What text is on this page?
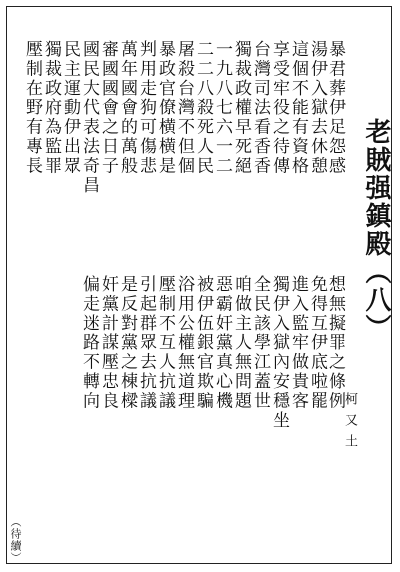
老賊强鎮殿（八）
柯 又 土
暴君葬伊足怨感
湯伊入獄去休憩
這個不能有資格
享受牢役之待傳
台灣司法看香香
獨裁政權早死絕
一九八七六一二
二二八殺死人民
屠殺台灣不但個
暴政官僚横横是
判用走狗可傷悲
萬年國會的萬般
審國國會之日子
國民大代表法奇昌
民主運動伊出眾
獨裁政府為監罪
壓制在野有專長
想無擬罪之條例
免得互伊底啦罷
進入監牢做貴客
獨伊入獄內安穩坐
全民該學江蓋世
咱做主人無問題
惡霸奸黨真心機
被伊伍銀官欺騙
浴用公權無道理
壓制不互人抗議
引起群眾去抗議
是反對黨之棟樑
奸黨計謀壓忠良
偏走迷路不轉向
（待續）
